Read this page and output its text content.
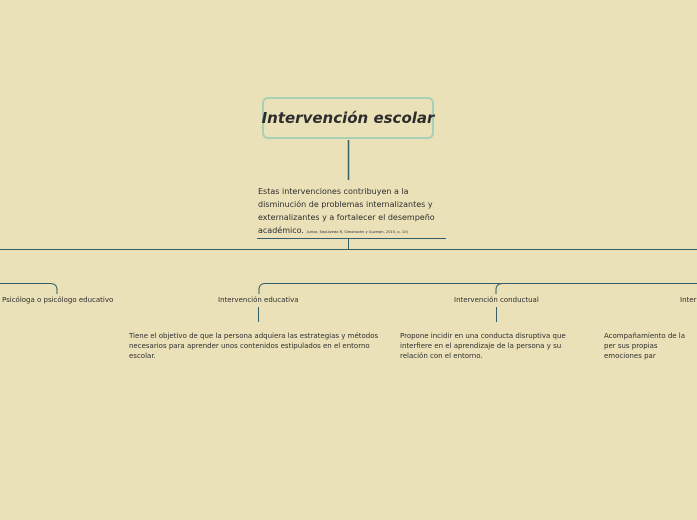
Intervención escolar
Estas intervenciones contribuyen a la disminución de problemas internalizantes y externalizantes y a fortalecer el desempeño académico. (Leiva, Sepúlveda R, Simonsohn y Guzmán, 2015, p. 10)
Psicóloga o psicólogo educativo	Intervención educativa	Intervención conductual	Inter
Tiene el objetivo de que la persona adquiera las estrategias y métodos necesarios para aprender unos contenidos estipulados en el entorno escolar.
Propone incidir en una conducta disruptiva que interfiere en el aprendizaje de la persona y su relación con el entorno.
Acompañamiento de la per sus propias emociones par
